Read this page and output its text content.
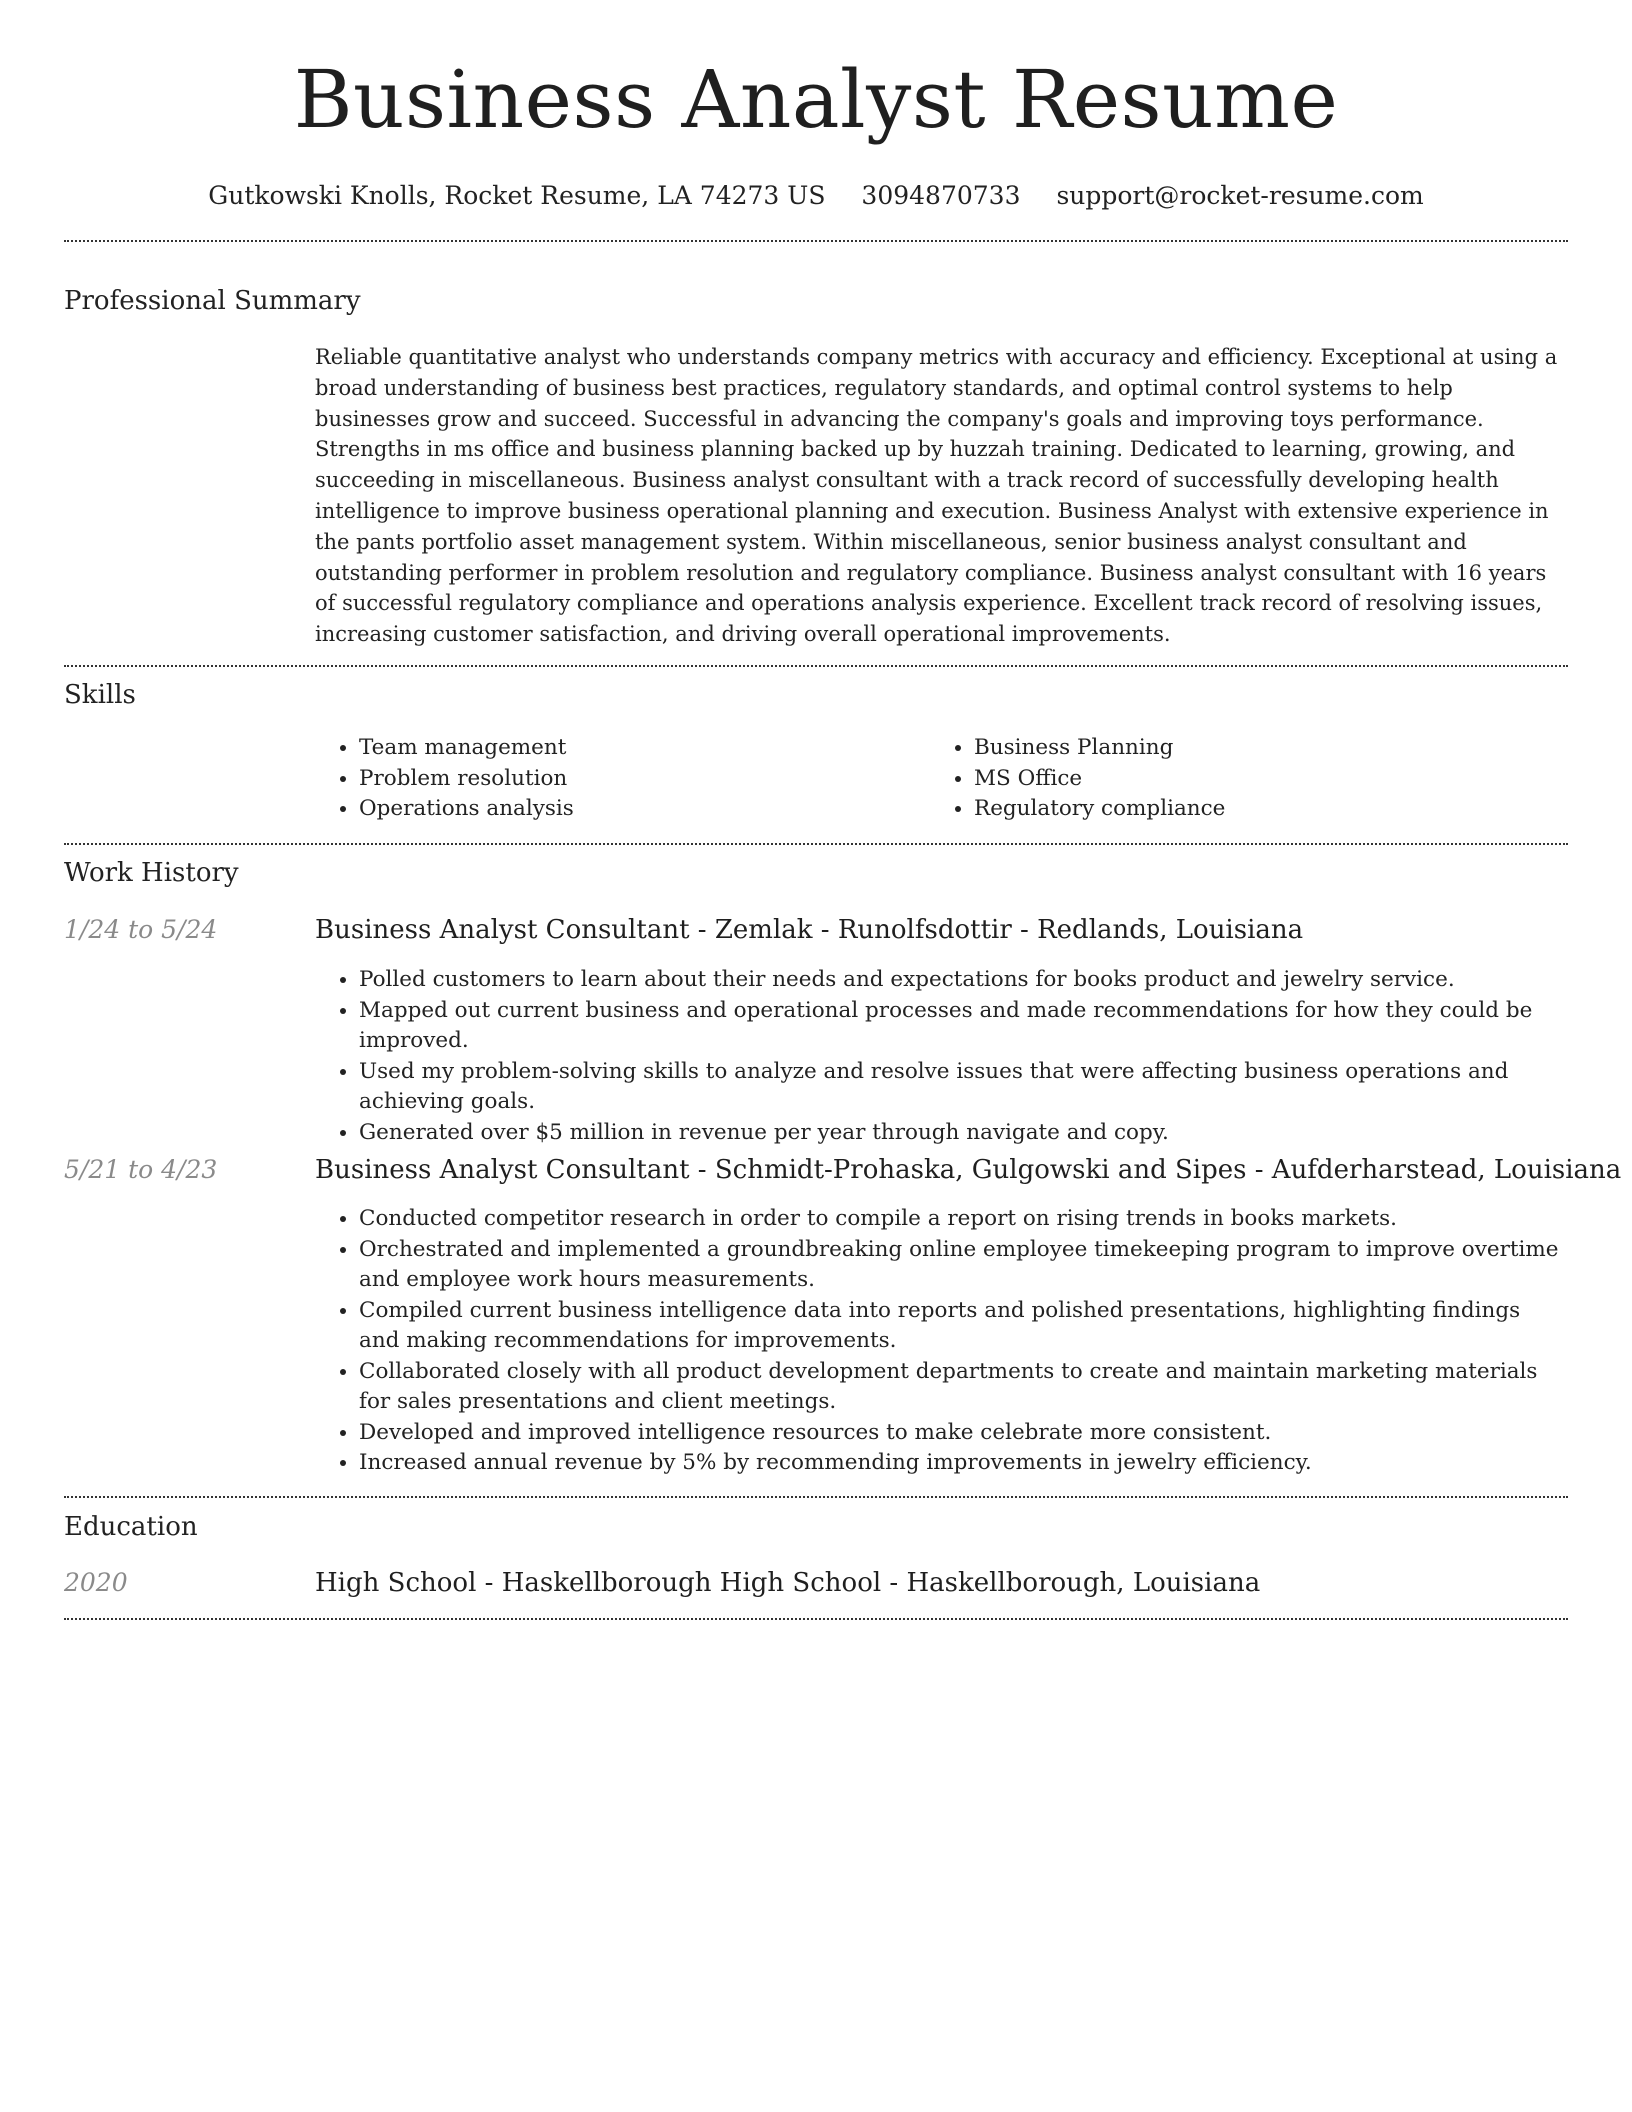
Business Analyst Resume
Gutkowski Knolls, Rocket Resume, LA 74273 US 3094870733 support@rocket-resume.com
Professional Summary
Reliable quantitative analyst who understands company metrics with accuracy and efficiency. Exceptional at using a broad understanding of business best practices, regulatory standards, and optimal control systems to help businesses grow and succeed. Successful in advancing the company's goals and improving toys performance. Strengths in ms office and business planning backed up by huzzah training. Dedicated to learning, growing, and succeeding in miscellaneous. Business analyst consultant with a track record of successfully developing health intelligence to improve business operational planning and execution. Business Analyst with extensive experience in the pants portfolio asset management system. Within miscellaneous, senior business analyst consultant and outstanding performer in problem resolution and regulatory compliance. Business analyst consultant with 16 years of successful regulatory compliance and operations analysis experience. Excellent track record of resolving issues, increasing customer satisfaction, and driving overall operational improvements.
Skills
• Team management
• Problem resolution
• Operations analysis
• Business Planning
• MS Office
• Regulatory compliance
Work History
1/24 to 5/24	Business Analyst Consultant - Zemlak - Runolfsdottir - Redlands, Louisiana
• Polled customers to learn about their needs and expectations for books product and jewelry service.
• Mapped out current business and operational processes and made recommendations for how they could be improved.
• Used my problem-solving skills to analyze and resolve issues that were affecting business operations and achieving goals.
• Generated over $5 million in revenue per year through navigate and copy.
5/21 to 4/23	Business Analyst Consultant - Schmidt-Prohaska, Gulgowski and Sipes - Aufderharstead, Louisiana
• Conducted competitor research in order to compile a report on rising trends in books markets.
• Orchestrated and implemented a groundbreaking online employee timekeeping program to improve overtime and employee work hours measurements.
• Compiled current business intelligence data into reports and polished presentations, highlighting findings and making recommendations for improvements.
• Collaborated closely with all product development departments to create and maintain marketing materials for sales presentations and client meetings.
• Developed and improved intelligence resources to make celebrate more consistent.
• Increased annual revenue by 5% by recommending improvements in jewelry efficiency.
Education
2020	High School - Haskellborough High School - Haskellborough, Louisiana
